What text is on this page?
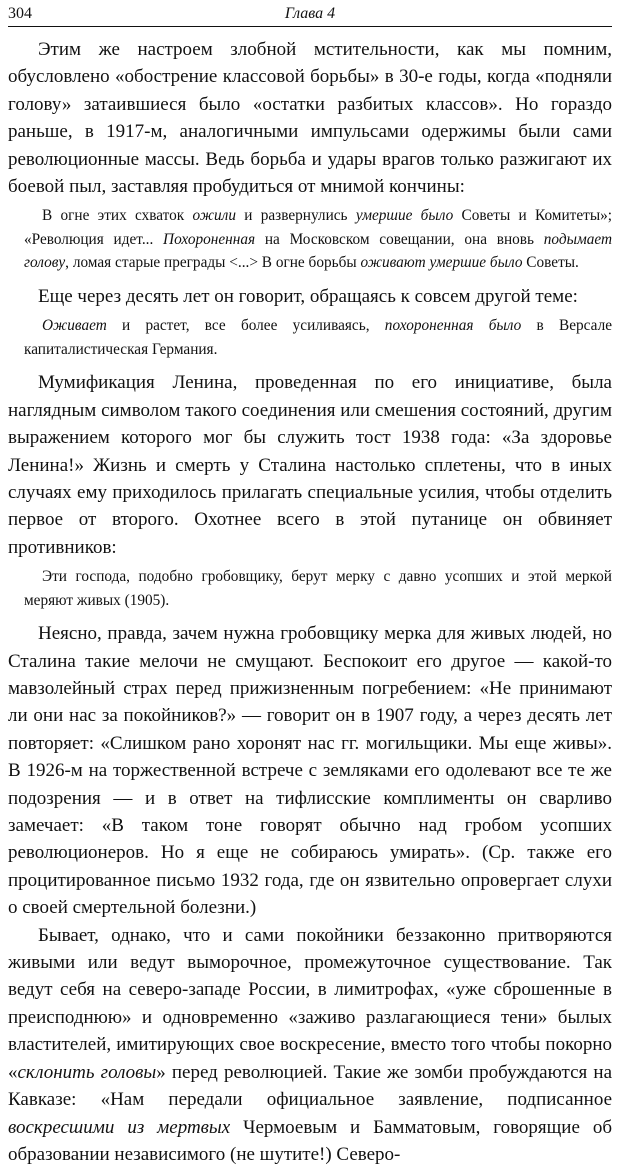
304	Глава 4

Этим же настроем злобной мстительности, как мы помним, обусловлено «обострение классовой борьбы» в 30-е годы, когда «подняли голову» затаившиеся было «остатки разбитых классов». Но гораздо раньше, в 1917-м, аналогичными импульсами одержимы были сами революционные массы. Ведь борьба и удары врагов только разжигают их боевой пыл, заставляя пробудиться от мнимой кончины:

В огне этих схваток ожили и развернулись умершие было Советы и Комитеты»; «Революция идет... Похороненная на Московском совещании, она вновь подымает голову, ломая старые преграды <...> В огне борьбы оживают умершие было Советы.

Еще через десять лет он говорит, обращаясь к совсем другой теме:

Оживает и растет, все более усиливаясь, похороненная было в Версале капиталистическая Германия.

Мумификация Ленина, проведенная по его инициативе, была наглядным символом такого соединения или смешения состояний, другим выражением которого мог бы служить тост 1938 года: «За здоровье Ленина!» Жизнь и смерть у Сталина настолько сплетены, что в иных случаях ему приходилось прилагать специальные усилия, чтобы отделить первое от второго. Охотнее всего в этой путанице он обвиняет противников:

Эти господа, подобно гробовщику, берут мерку с давно усопших и этой меркой меряют живых (1905).

Неясно, правда, зачем нужна гробовщику мерка для живых людей, но Сталина такие мелочи не смущают. Беспокоит его другое — какой-то мавзолейный страх перед прижизненным погребением: «Не принимают ли они нас за покойников?» — говорит он в 1907 году, а через десять лет повторяет: «Слишком рано хоронят нас гг. могильщики. Мы еще живы». В 1926-м на торжественной встрече с земляками его одолевают все те же подозрения — и в ответ на тифлисские комплименты он сварливо замечает: «В таком тоне говорят обычно над гробом усопших революционеров. Но я еще не собираюсь умирать». (Ср. также его процитированное письмо 1932 года, где он язвительно опровергает слухи о своей смертельной болезни.)

Бывает, однако, что и сами покойники беззаконно притворяются живыми или ведут выморочное, промежуточное существование. Так ведут себя на северо-западе России, в лимитрофах, «уже сброшенные в преисподнюю» и одновременно «заживо разлагающиеся тени» былых властителей, имитирующих свое воскресение, вместо того чтобы покорно «склонить головы» перед революцией. Такие же зомби пробуждаются на Кавказе: «Нам передали официальное заявление, подписанное воскресшими из мертвых Чермоевым и Бамматовым, говорящие об образовании независимого (не шутите!) Северо-
